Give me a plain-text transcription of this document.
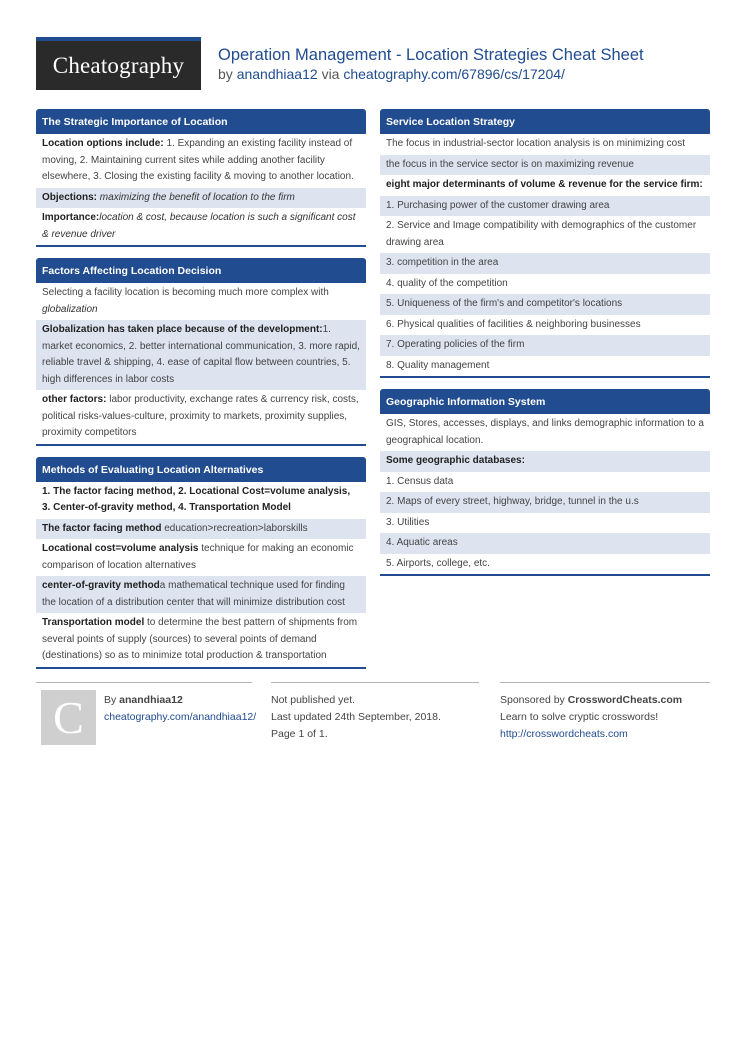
Cheatography	Operation Management - Location Strategies Cheat Sheet
by anandhiaa12 via cheatography.com/67896/cs/17204/
The Strategic Importance of Location
Location options include: 1. Expanding an existing facility instead of moving, 2. Maintaining current sites while adding another facility elsewhere, 3. Closing the existing facility & moving to another location.
Objections: maximizing the benefit of location to the firm
Importance:location & cost, because location is such a significant cost & revenue driver
Factors Affecting Location Decision
Selecting a facility location is becoming much more complex with globalization
Globalization has taken place because of the development:1. market economics, 2. better international communication, 3. more rapid, reliable travel & shipping, 4. ease of capital flow between countries, 5. high differences in labor costs
other factors: labor productivity, exchange rates & currency risk, costs, political risks-values-culture, proximity to markets, proximity supplies, proximity competitors
Methods of Evaluating Location Alternatives
1. The factor facing method, 2. Locational Cost=volume analysis, 3. Center-of-gravity method, 4. Transportation Model
The factor facing method education>recreation>laborskills
Locational cost=volume analysis technique for making an economic comparison of location alternatives
center-of-gravity methoda mathematical technique used for finding the location of a distribution center that will minimize distribution cost
Transportation model to determine the best pattern of shipments from several points of supply (sources) to several points of demand (destinations) so as to minimize total production & transportation
Service Location Strategy
The focus in industrial-sector location analysis is on minimizing cost
the focus in the service sector is on maximizing revenue
eight major determinants of volume & revenue for the service firm:
1. Purchasing power of the customer drawing area
2. Service and Image compatibility with demographics of the customer drawing area
3. competition in the area
4. quality of the competition
5. Uniqueness of the firm's and competitor's locations
6. Physical qualities of facilities & neighboring businesses
7. Operating policies of the firm
8. Quality management
Geographic Information System
GIS, Stores, accesses, displays, and links demographic information to a geographical location.
Some geographic databases:
1. Census data
2. Maps of every street, highway, bridge, tunnel in the u.s
3. Utilities
4. Aquatic areas
5. Airports, college, etc.
C	By anandhiaa12
cheatography.com/anandhiaa12/
Not published yet.
Last updated 24th September, 2018.
Page 1 of 1.
Sponsored by CrosswordCheats.com
Learn to solve cryptic crosswords!
http://crosswordcheats.com
